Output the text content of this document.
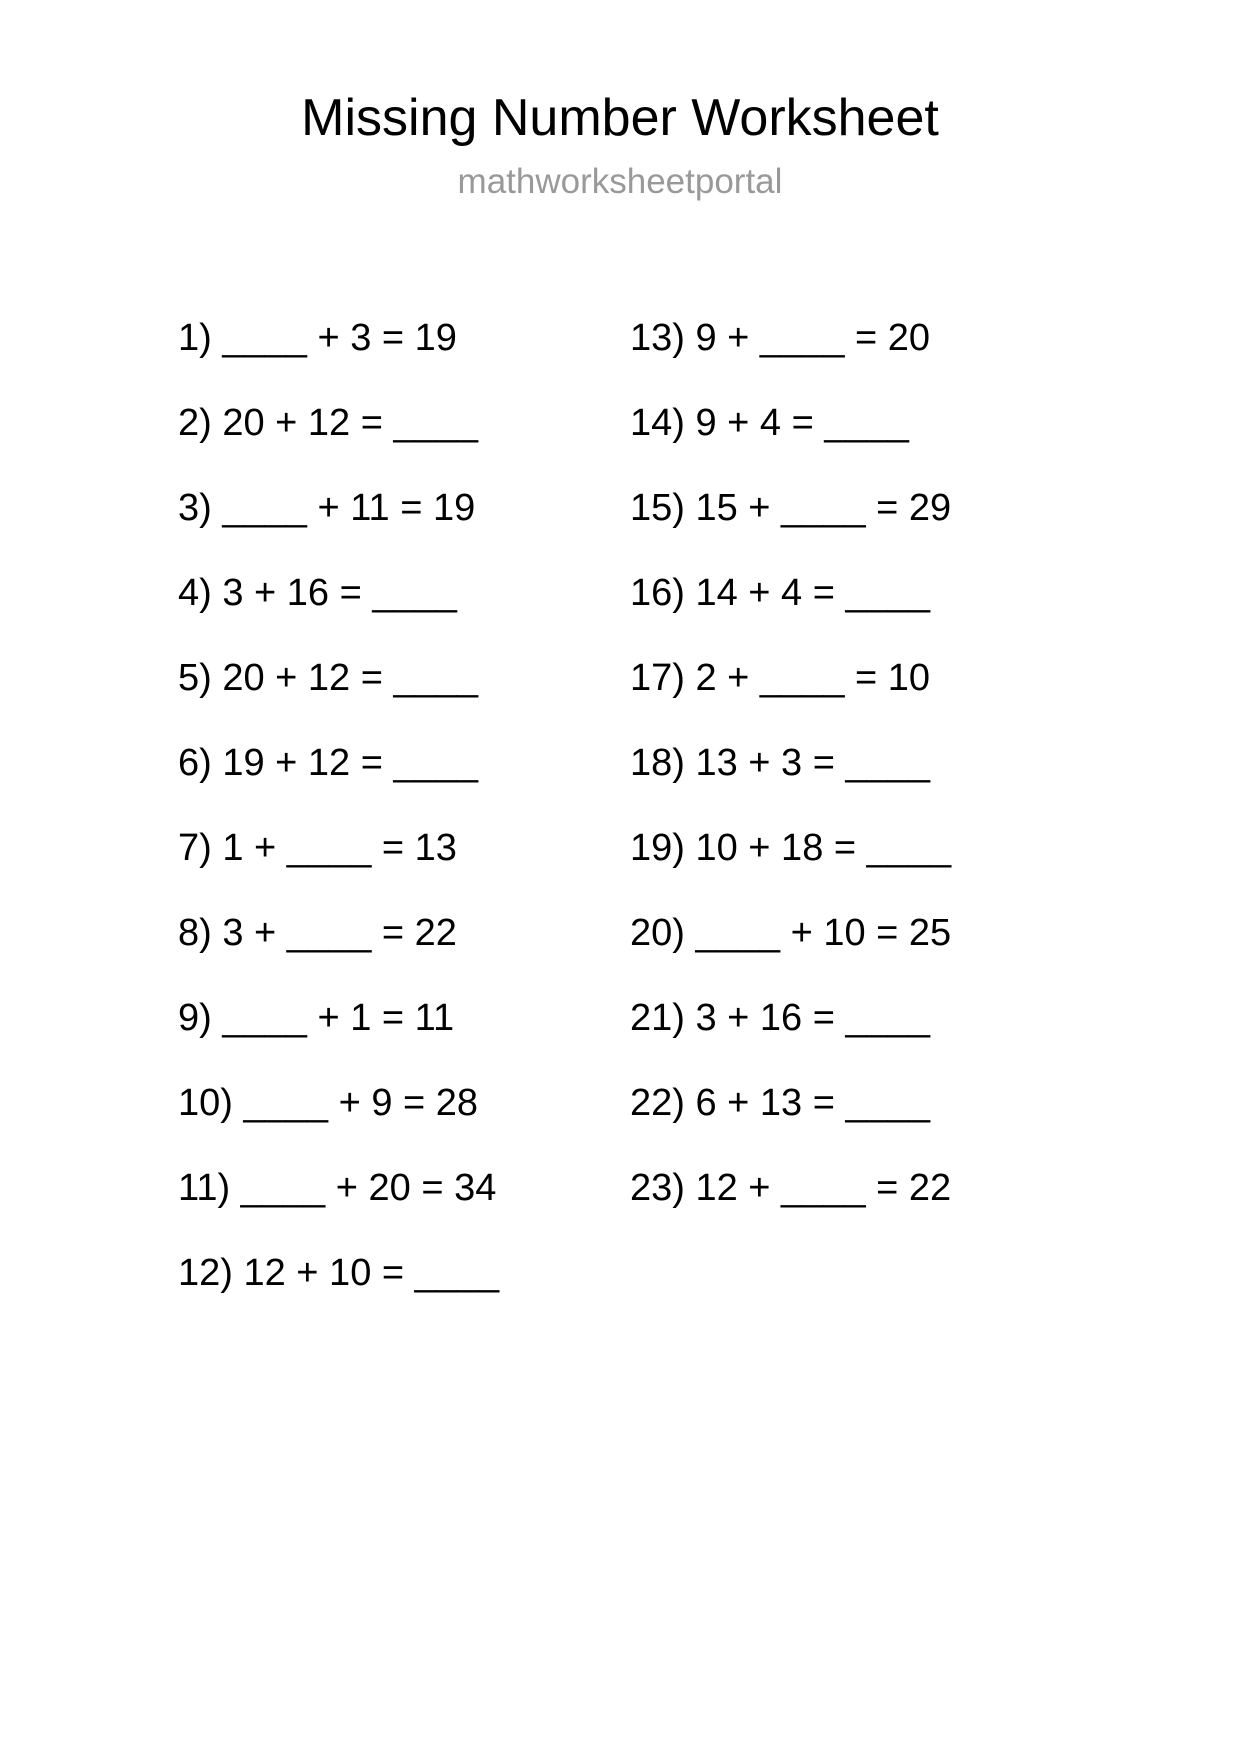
Missing Number Worksheet
mathworksheetportal
1) ____ + 3 = 19
2) 20 + 12 = ____
3) ____ + 11 = 19
4) 3 + 16 = ____
5) 20 + 12 = ____
6) 19 + 12 = ____
7) 1 + ____ = 13
8) 3 + ____ = 22
9) ____ + 1 = 11
10) ____ + 9 = 28
11) ____ + 20 = 34
12) 12 + 10 = ____
13) 9 + ____ = 20
14) 9 + 4 = ____
15) 15 + ____ = 29
16) 14 + 4 = ____
17) 2 + ____ = 10
18) 13 + 3 = ____
19) 10 + 18 = ____
20) ____ + 10 = 25
21) 3 + 16 = ____
22) 6 + 13 = ____
23) 12 + ____ = 22
